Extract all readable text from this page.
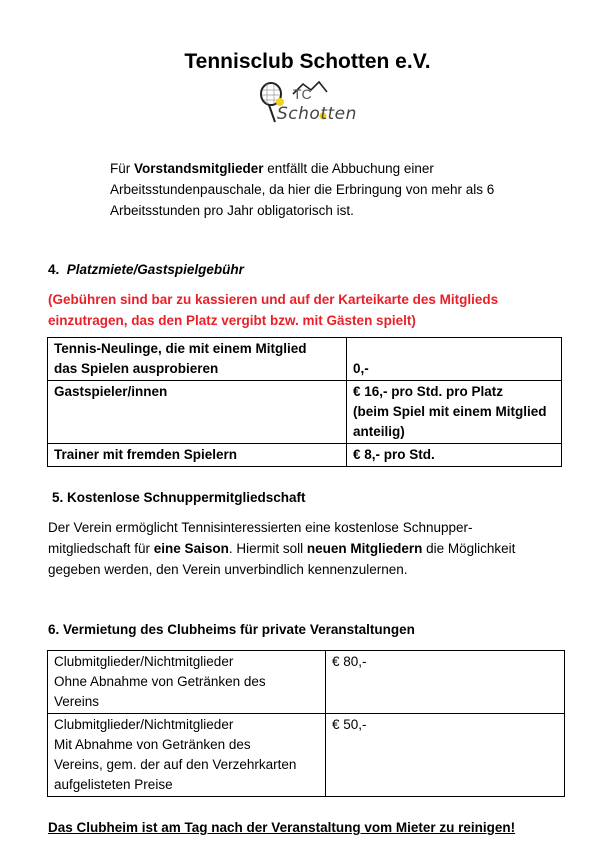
Tennisclub Schotten e.V.
TC
Schotten
Für Vorstandsmitglieder entfällt die Abbuchung einer
Arbeitsstundenpauschale, da hier die Erbringung von mehr als 6
Arbeitsstunden pro Jahr obligatorisch ist.
4. Platzmiete/Gastspielgebühr
(Gebühren sind bar zu kassieren und auf der Karteikarte des Mitglieds
einzutragen, das den Platz vergibt bzw. mit Gästen spielt)
Tennis-Neulinge, die mit einem Mitglied
das Spielen ausprobieren	0,-

Gastspieler/innen	€ 16,- pro Std. pro Platz
(beim Spiel mit einem Mitglied
anteilig)

Trainer mit fremden Spielern	€ 8,- pro Std.
5. Kostenlose Schnuppermitgliedschaft
Der Verein ermöglicht Tennisinteressierten eine kostenlose Schnupper-
mitgliedschaft für eine Saison. Hiermit soll neuen Mitgliedern die Möglichkeit
gegeben werden, den Verein unverbindlich kennenzulernen.
6. Vermietung des Clubheims für private Veranstaltungen
Clubmitglieder/Nichtmitglieder
Ohne Abnahme von Getränken des
Vereins	€ 80,-

Clubmitglieder/Nichtmitglieder
Mit Abnahme von Getränken des
Vereins, gem. der auf den Verzehrkarten
aufgelisteten Preise	€ 50,-
Das Clubheim ist am Tag nach der Veranstaltung vom Mieter zu reinigen!
